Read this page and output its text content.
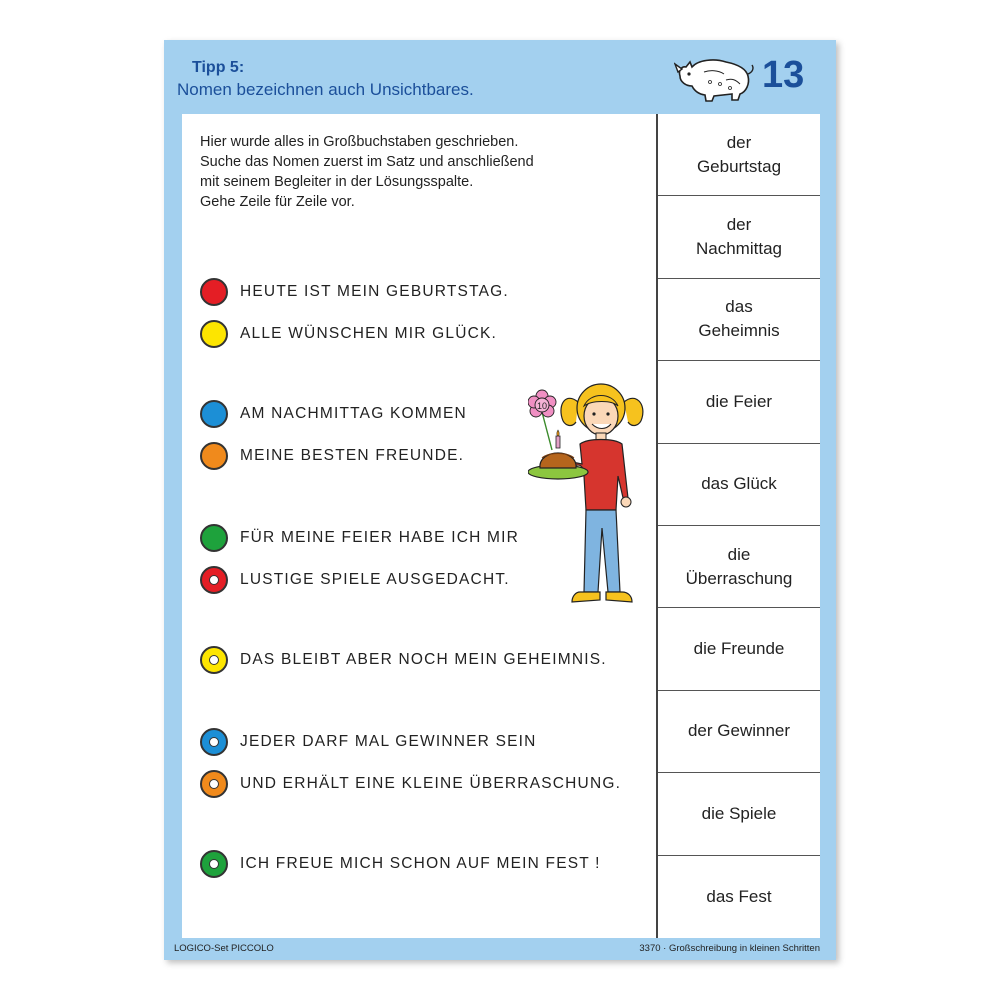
Tipp 5:
Nomen bezeichnen auch Unsichtbares.	13
Hier wurde alles in Großbuchstaben geschrieben.
Suche das Nomen zuerst im Satz und anschließend
mit seinem Begleiter in der Lösungsspalte.
Gehe Zeile für Zeile vor.
HEUTE IST MEIN GEBURTSTAG.
ALLE WÜNSCHEN MIR GLÜCK.
AM NACHMITTAG KOMMEN
MEINE BESTEN FREUNDE.
FÜR MEINE FEIER HABE ICH MIR
LUSTIGE SPIELE AUSGEDACHT.
DAS BLEIBT ABER NOCH MEIN GEHEIMNIS.
JEDER DARF MAL GEWINNER SEIN
UND ERHÄLT EINE KLEINE ÜBERRASCHUNG.
ICH FREUE MICH SCHON AUF MEIN FEST !
10
der
Geburtstag
der
Nachmittag
das
Geheimnis
die Feier
das Glück
die
Überraschung
die Freunde
der Gewinner
die Spiele
das Fest
LOGICO-Set PICCOLO	3370 · Großschreibung in kleinen Schritten
